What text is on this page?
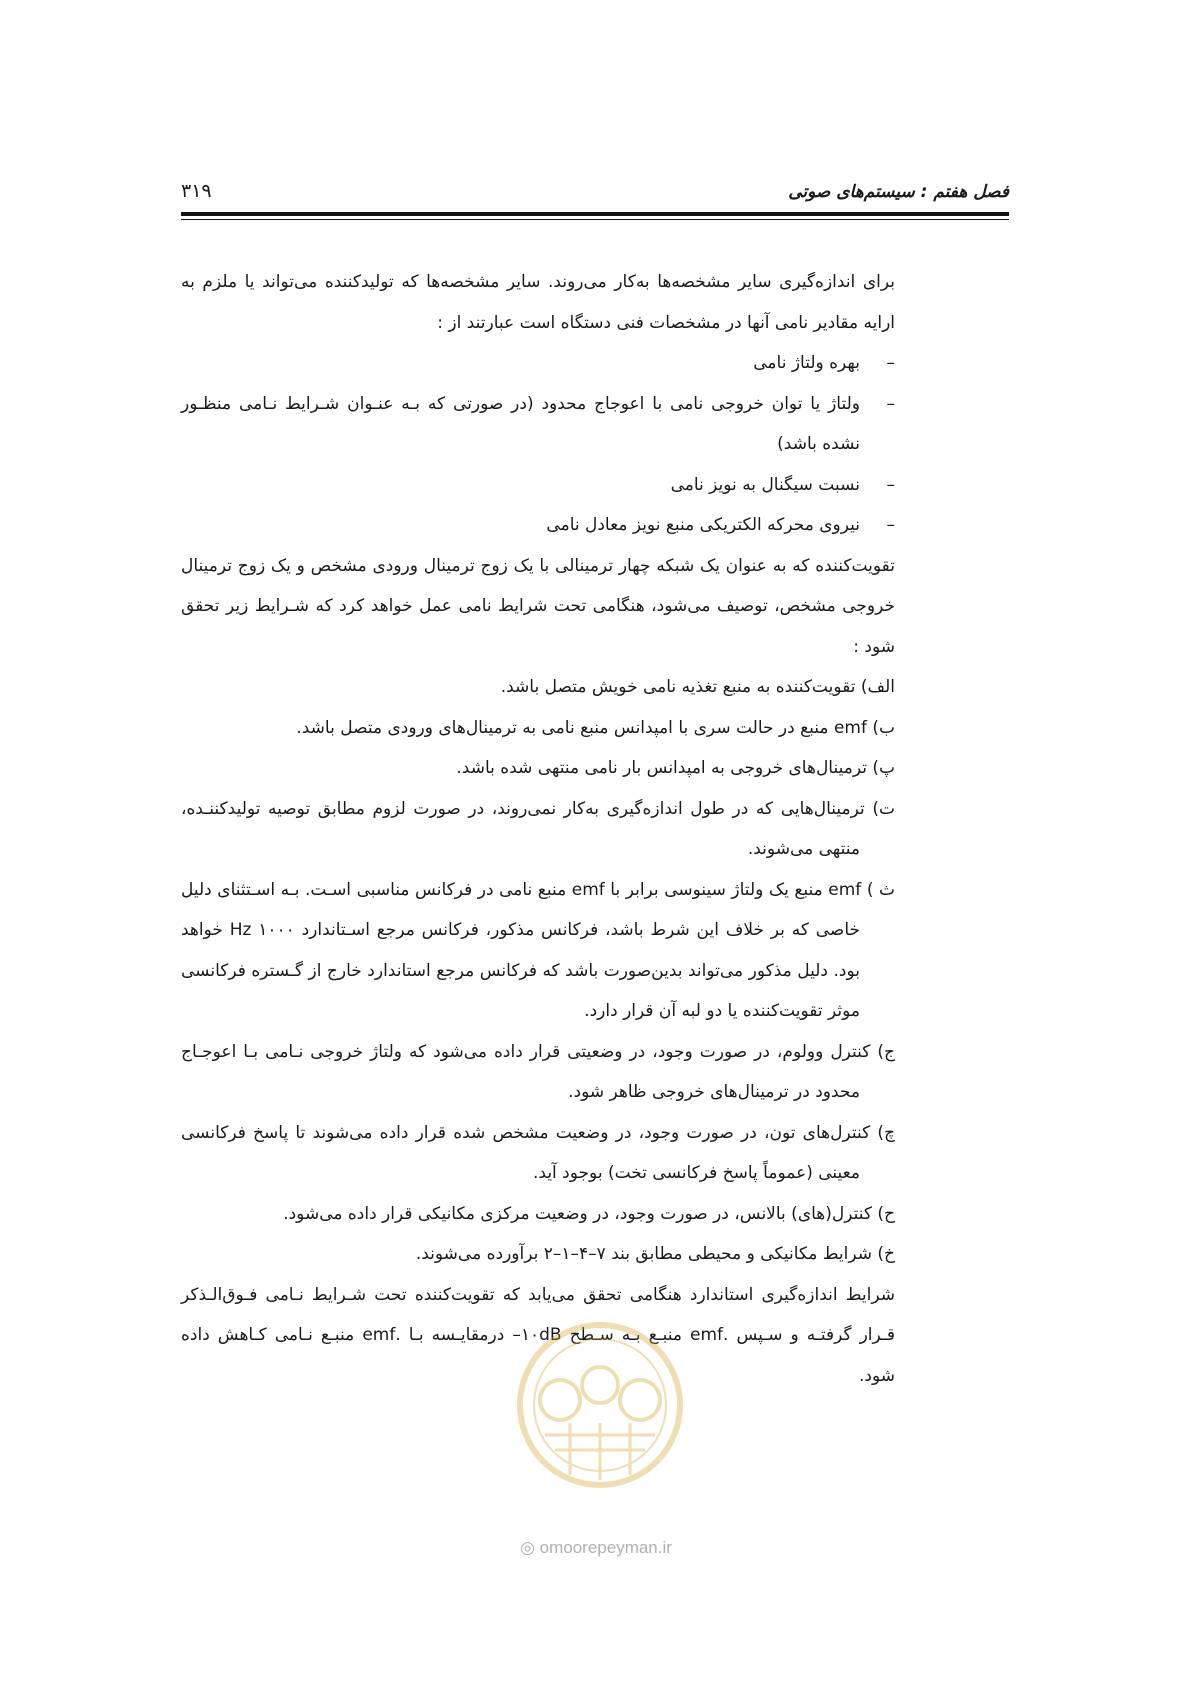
فصل هفتم : سیستم‌های صوتی
۳۱۹

برای اندازه‌گیری سایر مشخصه‌ها به‌کار می‌روند. سایر مشخصه‌ها که تولیدکننده می‌تواند یا ملزم به ارایه مقادیر نامی آنها در مشخصات فنی دستگاه است عبارتند از :

–بهره ولتاژ نامی

–ولتاژ یا توان خروجی نامی با اعوجاج محدود (در صورتی که بـه عنـوان شـرایط نـامی منظـور نشده باشد)

–نسبت سیگنال به نویز نامی

–نیروی محرکه الکتریکی منبع نویز معادل نامی

تقویت‌کننده که به عنوان یک شبکه چهار ترمینالی با یک زوج ترمینال ورودی مشخص و یک زوج ترمینال خروجی مشخص، توصیف می‌شود، هنگامی تحت شرایط نامی عمل خواهد کرد که شـرایط زیر تحقق شود :

الف) تقویت‌کننده به منبع تغذیه نامی خویش متصل باشد.

ب) emf منبع در حالت سری با امپدانس منبع نامی به ترمینال‌های ورودی متصل باشد.

پ) ترمینال‌های خروجی به امپدانس بار نامی منتهی شده باشد.

ت) ترمینال‌هایی که در طول اندازه‌گیری به‌کار نمی‌روند، در صورت لزوم مطابق توصیه تولیدکننـده، منتهی می‌شوند.

ث ) emf منبع یک ولتاژ سینوسی برابر با emf منبع نامی در فرکانس مناسبی اسـت. بـه اسـتثنای دلیل خاصی که بر خلاف این شرط باشد، فرکانس مذکور، فرکانس مرجع اسـتاندارد Hz ۱۰۰۰ خواهد بود. دلیل مذکور می‌تواند بدین‌صورت باشد که فرکانس مرجع استاندارد خارج از گـستره فرکانسی موثر تقویت‌کننده یا دو لبه آن قرار دارد.

ج) کنترل وولوم، در صورت وجود، در وضعیتی قرار داده می‌شود که ولتاژ خروجی نـامی بـا اعوجـاج محدود در ترمینال‌های خروجی ظاهر شود.

چ) کنترل‌های تون، در صورت وجود، در وضعیت مشخص شده قرار داده می‌شوند تا پاسخ فرکانسی معینی (عموماً پاسخ فرکانسی تخت) بوجود آید.

ح) کنترل(های) بالانس، در صورت وجود، در وضعیت مرکزی مکانیکی قرار داده می‌شود.

خ) شرایط مکانیکی و محیطی مطابق بند ۷–۴–۱–۲ برآورده می‌شوند.

شرایط اندازه‌گیری استاندارد هنگامی تحقق می‌یابد که تقویت‌کننده تحت شـرایط نـامی فـوق‌الـذکر قـرار گرفتـه و سـپس .emf منبـع بـه سـطح ۱۰dB– درمقایـسه بـا .emf منبـع نـامی کـاهش داده شود.

◎ omoorepeyman.ir
